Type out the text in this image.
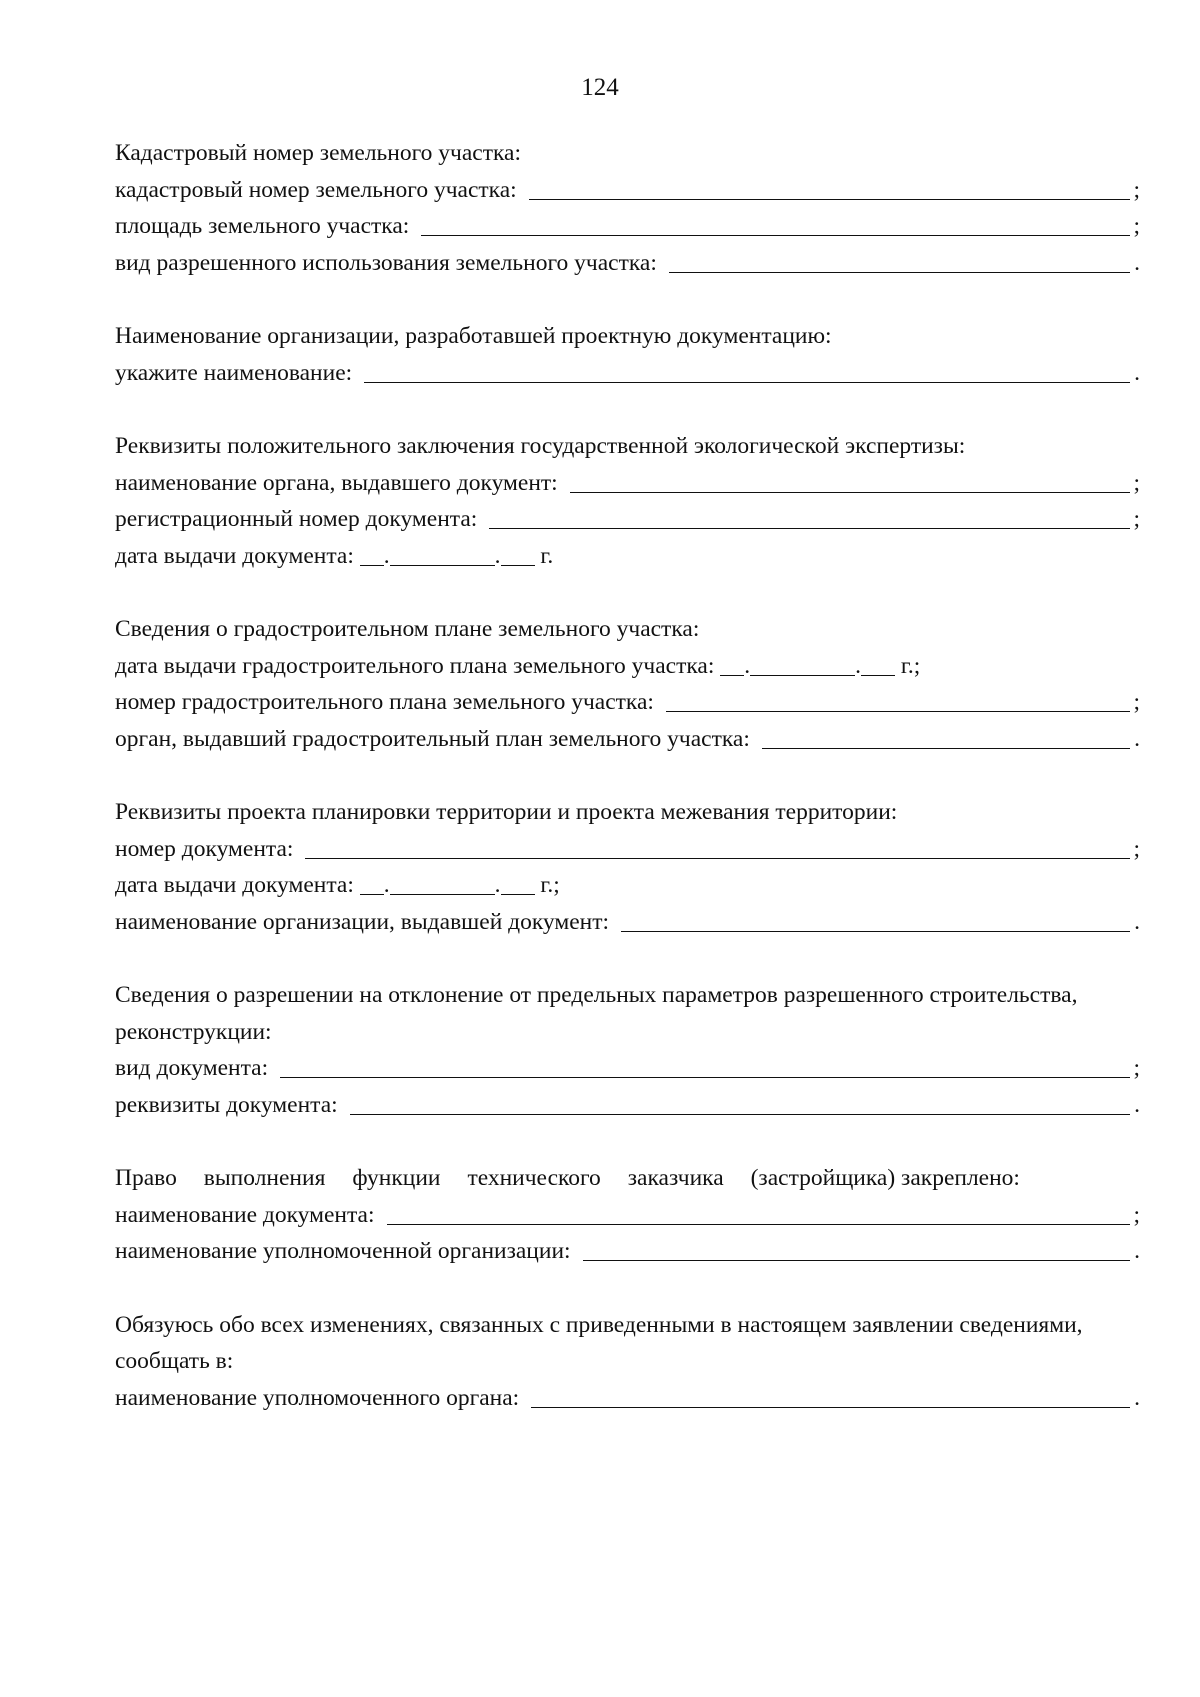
124
Кадастровый номер земельного участка:
кадастровый номер земельного участка:	;
площадь земельного участка:	;
вид разрешенного использования земельного участка:	.
Наименование организации, разработавшей проектную документацию:
укажите наименование:	.
Реквизиты положительного заключения государственной экологической экспертизы:
наименование органа, выдавшего документ:	;
регистрационный номер документа:	;
дата выдачи документа: .	. г.
Сведения о градостроительном плане земельного участка:
дата выдачи градостроительного плана земельного участка: .	. г.;
номер градостроительного плана земельного участка:	;
орган, выдавший градостроительный план земельного участка:	.
Реквизиты проекта планировки территории и проекта межевания территории:
номер документа:	;
дата выдачи документа: .	. г.;
наименование организации, выдавшей документ:	.
Сведения о разрешении на отклонение от предельных параметров разрешенного строительства,
реконструкции:
вид документа:	;
реквизиты документа:	.
Право выполнения функции технического заказчика (застройщика) закреплено:
наименование документа:	;
наименование уполномоченной организации:	.
Обязуюсь обо всех изменениях, связанных с приведенными в настоящем заявлении сведениями,
сообщать в:
наименование уполномоченного органа:	.
